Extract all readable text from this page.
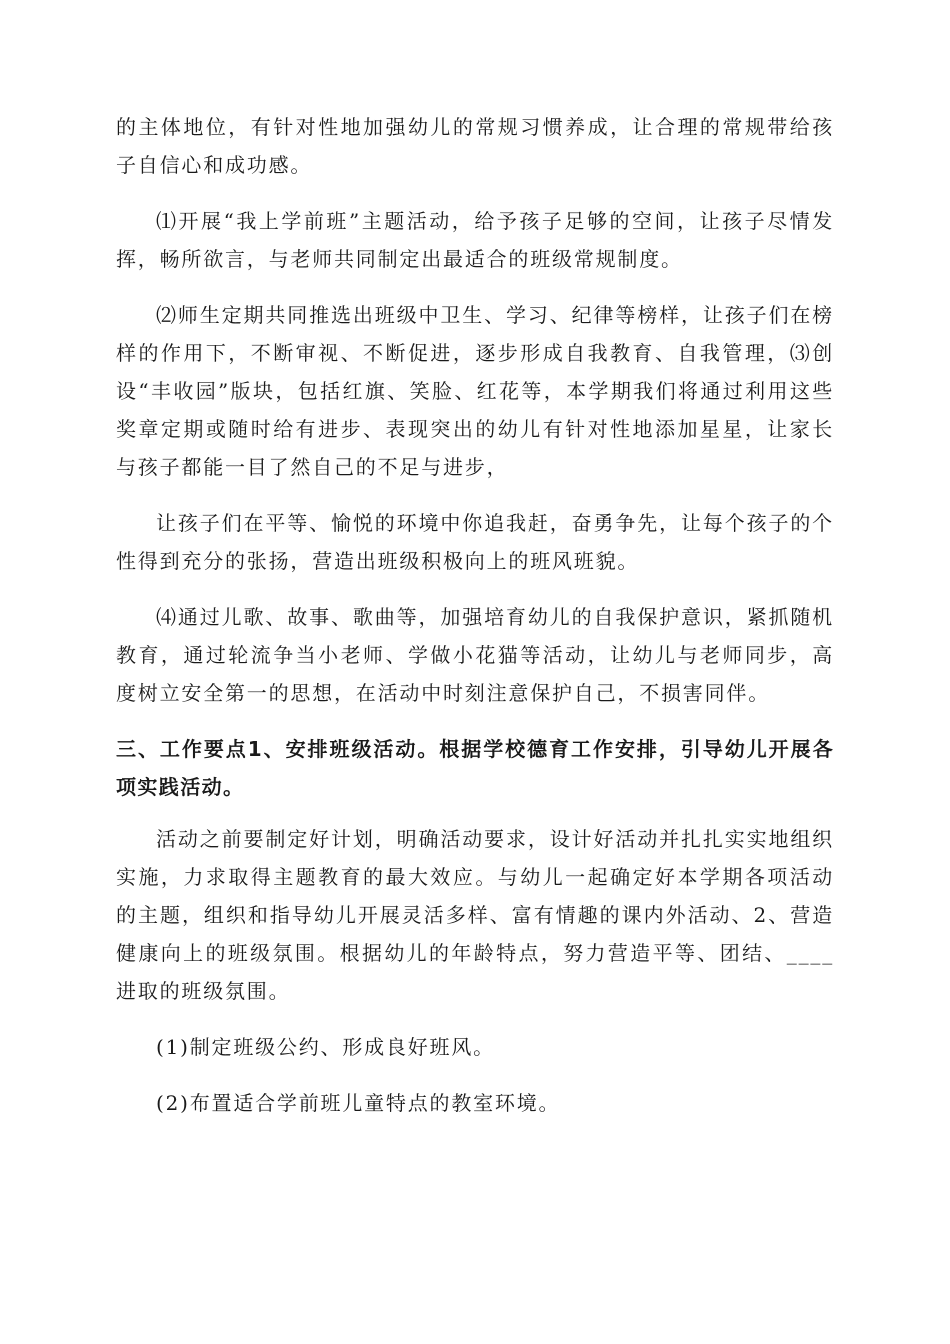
的主体地位，有针对性地加强幼儿的常规习惯养成，让合理的常规带给孩子自信心和成功感。

⑴开展“我上学前班”主题活动，给予孩子足够的空间，让孩子尽情发挥，畅所欲言，与老师共同制定出最适合的班级常规制度。

⑵师生定期共同推选出班级中卫生、学习、纪律等榜样，让孩子们在榜样的作用下，不断审视、不断促进，逐步形成自我教育、自我管理，⑶创设“丰收园”版块，包括红旗、笑脸、红花等，本学期我们将通过利用这些奖章定期或随时给有进步、表现突出的幼儿有针对性地添加星星，让家长与孩子都能一目了然自己的不足与进步，

让孩子们在平等、愉悦的环境中你追我赶，奋勇争先，让每个孩子的个性得到充分的张扬，营造出班级积极向上的班风班貌。

⑷通过儿歌、故事、歌曲等，加强培育幼儿的自我保护意识，紧抓随机教育，通过轮流争当小老师、学做小花猫等活动，让幼儿与老师同步，高度树立安全第一的思想，在活动中时刻注意保护自己，不损害同伴。

三、工作要点1、安排班级活动。根据学校德育工作安排，引导幼儿开展各项实践活动。

活动之前要制定好计划，明确活动要求，设计好活动并扎扎实实地组织实施，力求取得主题教育的最大效应。与幼儿一起确定好本学期各项活动的主题，组织和指导幼儿开展灵活多样、富有情趣的课内外活动、2、营造健康向上的班级氛围。根据幼儿的年龄特点，努力营造平等、团结、____进取的班级氛围。

(1)制定班级公约、形成良好班风。

(2)布置适合学前班儿童特点的教室环境。
